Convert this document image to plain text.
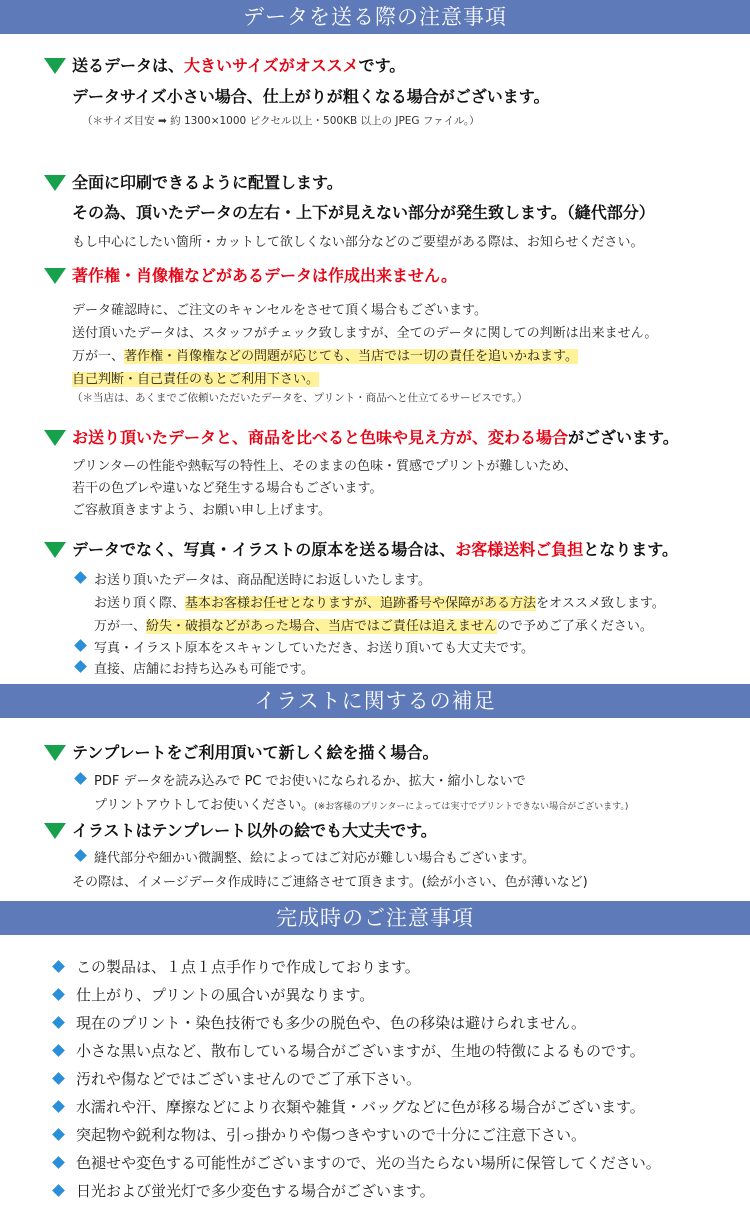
データを送る際の注意事項
送るデータは、大きいサイズがオススメです。
データサイズ小さい場合、仕上がりが粗くなる場合がございます。
（＊サイズ目安 ➡ 約 1300×1000 ピクセル以上・500KB 以上の JPEG ファイル。）
全面に印刷できるように配置します。
その為、頂いたデータの左右・上下が見えない部分が発生致します。（縫代部分）
もし中心にしたい箇所・カットして欲しくない部分などのご要望がある際は、お知らせください。
著作権・肖像権などがあるデータは作成出来ません。
データ確認時に、ご注文のキャンセルをさせて頂く場合もございます。
送付頂いたデータは、スタッフがチェック致しますが、全てのデータに関しての判断は出来ません。
万が一、著作権・肖像権などの問題が応じても、当店では一切の責任を追いかねます。
自己判断・自己責任のもとご利用下さい。
（＊当店は、あくまでご依頼いただいたデータを、プリント・商品へと仕立てるサービスです。）
お送り頂いたデータと、商品を比べると色味や見え方が、変わる場合がございます。
プリンターの性能や熱転写の特性上、そのままの色味・質感でプリントが難しいため、
若干の色ブレや違いなど発生する場合もございます。
ご容赦頂きますよう、お願い申し上げます。
データでなく、写真・イラストの原本を送る場合は、お客様送料ご負担となります。
お送り頂いたデータは、商品配送時にお返しいたします。
お送り頂く際、基本お客様お任せとなりますが、追跡番号や保障がある方法をオススメ致します。
万が一、紛失・破損などがあった場合、当店ではご責任は追えませんので予めご了承ください。
写真・イラスト原本をスキャンしていただき、お送り頂いても大丈夫です。
直接、店舗にお持ち込みも可能です。
イラストに関するの補足
テンプレートをご利用頂いて新しく絵を描く場合。
PDF データを読み込みで PC でお使いになられるか、拡大・縮小しないで
プリントアウトしてお使いください。(※お客様のプリンターによっては実寸でプリントできない場合がございます。)
イラストはテンプレート以外の絵でも大丈夫です。
縫代部分や細かい微調整、絵によってはご対応が難しい場合もございます。
その際は、イメージデータ作成時にご連絡させて頂きます。(絵が小さい、色が薄いなど)
完成時のご注意事項
この製品は、１点１点手作りで作成しております。
仕上がり、プリントの風合いが異なります。
現在のプリント・染色技術でも多少の脱色や、色の移染は避けられません。
小さな黒い点など、散布している場合がございますが、生地の特徴によるものです。
汚れや傷などではございませんのでご了承下さい。
水濡れや汗、摩擦などにより衣類や雑貨・バッグなどに色が移る場合がございます。
突起物や鋭利な物は、引っ掛かりや傷つきやすいので十分にご注意下さい。
色褪せや変色する可能性がございますので、光の当たらない場所に保管してください。
日光および蛍光灯で多少変色する場合がございます。
